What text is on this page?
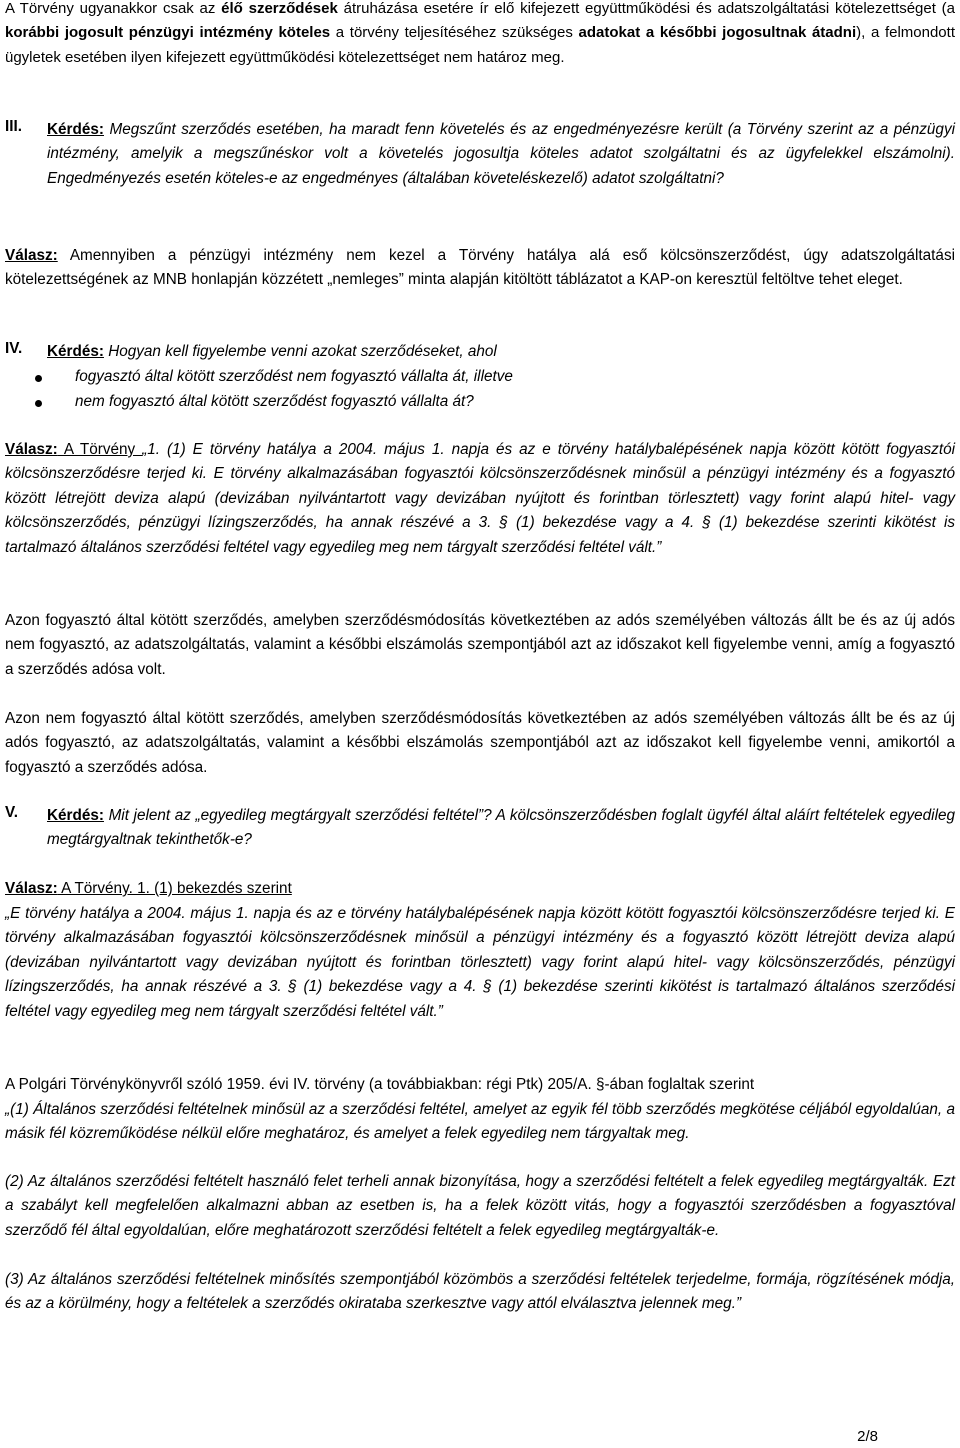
A Törvény ugyanakkor csak az élő szerződések átruházása esetére ír elő kifejezett együttműködési és adatszolgáltatási kötelezettséget (a korábbi jogosult pénzügyi intézmény köteles a törvény teljesítéséhez szükséges adatokat a későbbi jogosultnak átadni), a felmondott ügyletek esetében ilyen kifejezett együttműködési kötelezettséget nem határoz meg.

III. Kérdés: Megszűnt szerződés esetében, ha maradt fenn követelés és az engedményezésre került (a Törvény szerint az a pénzügyi intézmény, amelyik a megszűnéskor volt a követelés jogosultja köteles adatot szolgáltatni és az ügyfelekkel elszámolni). Engedményezés esetén köteles-e az engedményes (általában követeléskezelő) adatot szolgáltatni?

Válasz: Amennyiben a pénzügyi intézmény nem kezel a Törvény hatálya alá eső kölcsönszerződést, úgy adatszolgáltatási kötelezettségének az MNB honlapján közzétett „nemleges” minta alapján kitöltött táblázatot a KAP-on keresztül feltöltve tehet eleget.

IV. Kérdés: Hogyan kell figyelembe venni azokat szerződéseket, ahol

fogyasztó által kötött szerződést nem fogyasztó vállalta át, illetve
nem fogyasztó által kötött szerződést fogyasztó vállalta át?

Válasz: A Törvény „1. (1) E törvény hatálya a 2004. május 1. napja és az e törvény hatálybalépésének napja között kötött fogyasztói kölcsönszerződésre terjed ki. E törvény alkalmazásában fogyasztói kölcsönszerződésnek minősül a pénzügyi intézmény és a fogyasztó között létrejött deviza alapú (devizában nyilvántartott vagy devizában nyújtott és forintban törlesztett) vagy forint alapú hitel- vagy kölcsönszerződés, pénzügyi lízingszerződés, ha annak részévé a 3. § (1) bekezdése vagy a 4. § (1) bekezdése szerinti kikötést is tartalmazó általános szerződési feltétel vagy egyedileg meg nem tárgyalt szerződési feltétel vált.”

Azon fogyasztó által kötött szerződés, amelyben szerződésmódosítás következtében az adós személyében változás állt be és az új adós nem fogyasztó, az adatszolgáltatás, valamint a későbbi elszámolás szempontjából azt az időszakot kell figyelembe venni, amíg a fogyasztó a szerződés adósa volt.

Azon nem fogyasztó által kötött szerződés, amelyben szerződésmódosítás következtében az adós személyében változás állt be és az új adós fogyasztó, az adatszolgáltatás, valamint a későbbi elszámolás szempontjából azt az időszakot kell figyelembe venni, amikortól a fogyasztó a szerződés adósa.

V. Kérdés: Mit jelent az „egyedileg megtárgyalt szerződési feltétel”? A kölcsönszerződésben foglalt ügyfél által aláírt feltételek egyedileg megtárgyaltnak tekinthetők-e?

Válasz: A Törvény. 1. (1) bekezdés szerint

„E törvény hatálya a 2004. május 1. napja és az e törvény hatálybalépésének napja között kötött fogyasztói kölcsönszerződésre terjed ki. E törvény alkalmazásában fogyasztói kölcsönszerződésnek minősül a pénzügyi intézmény és a fogyasztó között létrejött deviza alapú (devizában nyilvántartott vagy devizában nyújtott és forintban törlesztett) vagy forint alapú hitel- vagy kölcsönszerződés, pénzügyi lízingszerződés, ha annak részévé a 3. § (1) bekezdése vagy a 4. § (1) bekezdése szerinti kikötést is tartalmazó általános szerződési feltétel vagy egyedileg meg nem tárgyalt szerződési feltétel vált.”

A Polgári Törvénykönyvről szóló 1959. évi IV. törvény (a továbbiakban: régi Ptk) 205/A. §-ában foglaltak szerint

„(1) Általános szerződési feltételnek minősül az a szerződési feltétel, amelyet az egyik fél több szerződés megkötése céljából egyoldalúan, a másik fél közreműködése nélkül előre meghatároz, és amelyet a felek egyedileg nem tárgyaltak meg.

(2) Az általános szerződési feltételt használó felet terheli annak bizonyítása, hogy a szerződési feltételt a felek egyedileg megtárgyalták. Ezt a szabályt kell megfelelően alkalmazni abban az esetben is, ha a felek között vitás, hogy a fogyasztói szerződésben a fogyasztóval szerződő fél által egyoldalúan, előre meghatározott szerződési feltételt a felek egyedileg megtárgyalták-e.

(3) Az általános szerződési feltételnek minősítés szempontjából közömbös a szerződési feltételek terjedelme, formája, rögzítésének módja, és az a körülmény, hogy a feltételek a szerződés okirataba szerkesztve vagy attól elválasztva jelennek meg.”

2/8
